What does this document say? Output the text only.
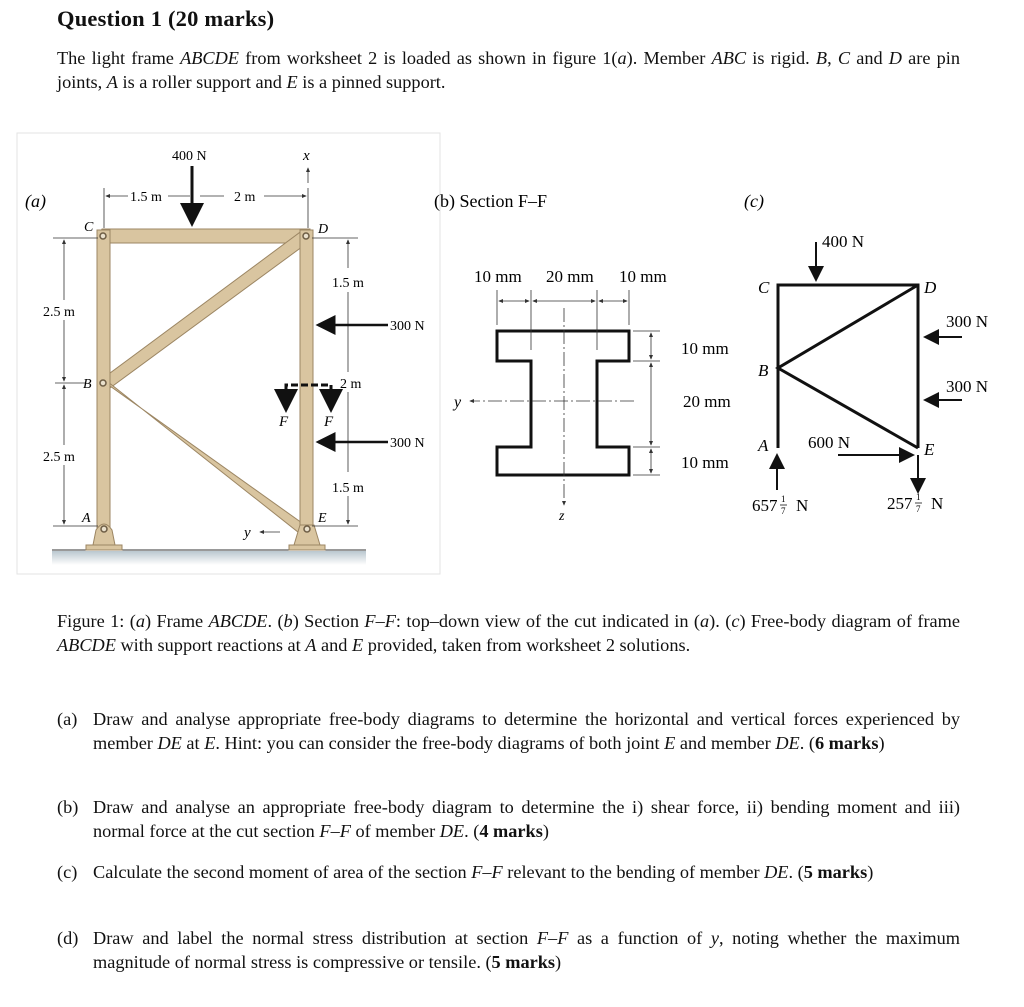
Question 1 (20 marks)
The light frame ABCDE from worksheet 2 is loaded as shown in figure 1(a). Member ABC is rigid. B, C and D are pin joints, A is a roller support and E is a pinned support.
(a)
400 N
1.5 m	2 m
x
2.5 m
2.5 m
C
B
A
D
E
1.5 m
2 m
1.5 m
300 N
300 N
F F
y
(b) Section F–F
10 mm 20 mm 10 mm
10 mm
20 mm
10 mm
y
z
(c)
400 N
300 N
300 N
600 N
C	D
B
A	E
657 1
7 N	257 1
7 N
Figure 1: (a) Frame ABCDE. (b) Section F–F: top–down view of the cut indicated in (a). (c) Free-body diagram of frame ABCDE with support reactions at A and E provided, taken from worksheet 2 solutions.
(a) Draw and analyse appropriate free-body diagrams to determine the horizontal and vertical forces experienced by member DE at E. Hint: you can consider the free-body diagrams of both joint E and member DE. (6 marks)
(b) Draw and analyse an appropriate free-body diagram to determine the i) shear force, ii) bending moment and iii) normal force at the cut section F–F of member DE. (4 marks)
(c) Calculate the second moment of area of the section F–F relevant to the bending of member DE. (5 marks)
(d) Draw and label the normal stress distribution at section F–F as a function of y, noting whether the maximum magnitude of normal stress is compressive or tensile. (5 marks)
